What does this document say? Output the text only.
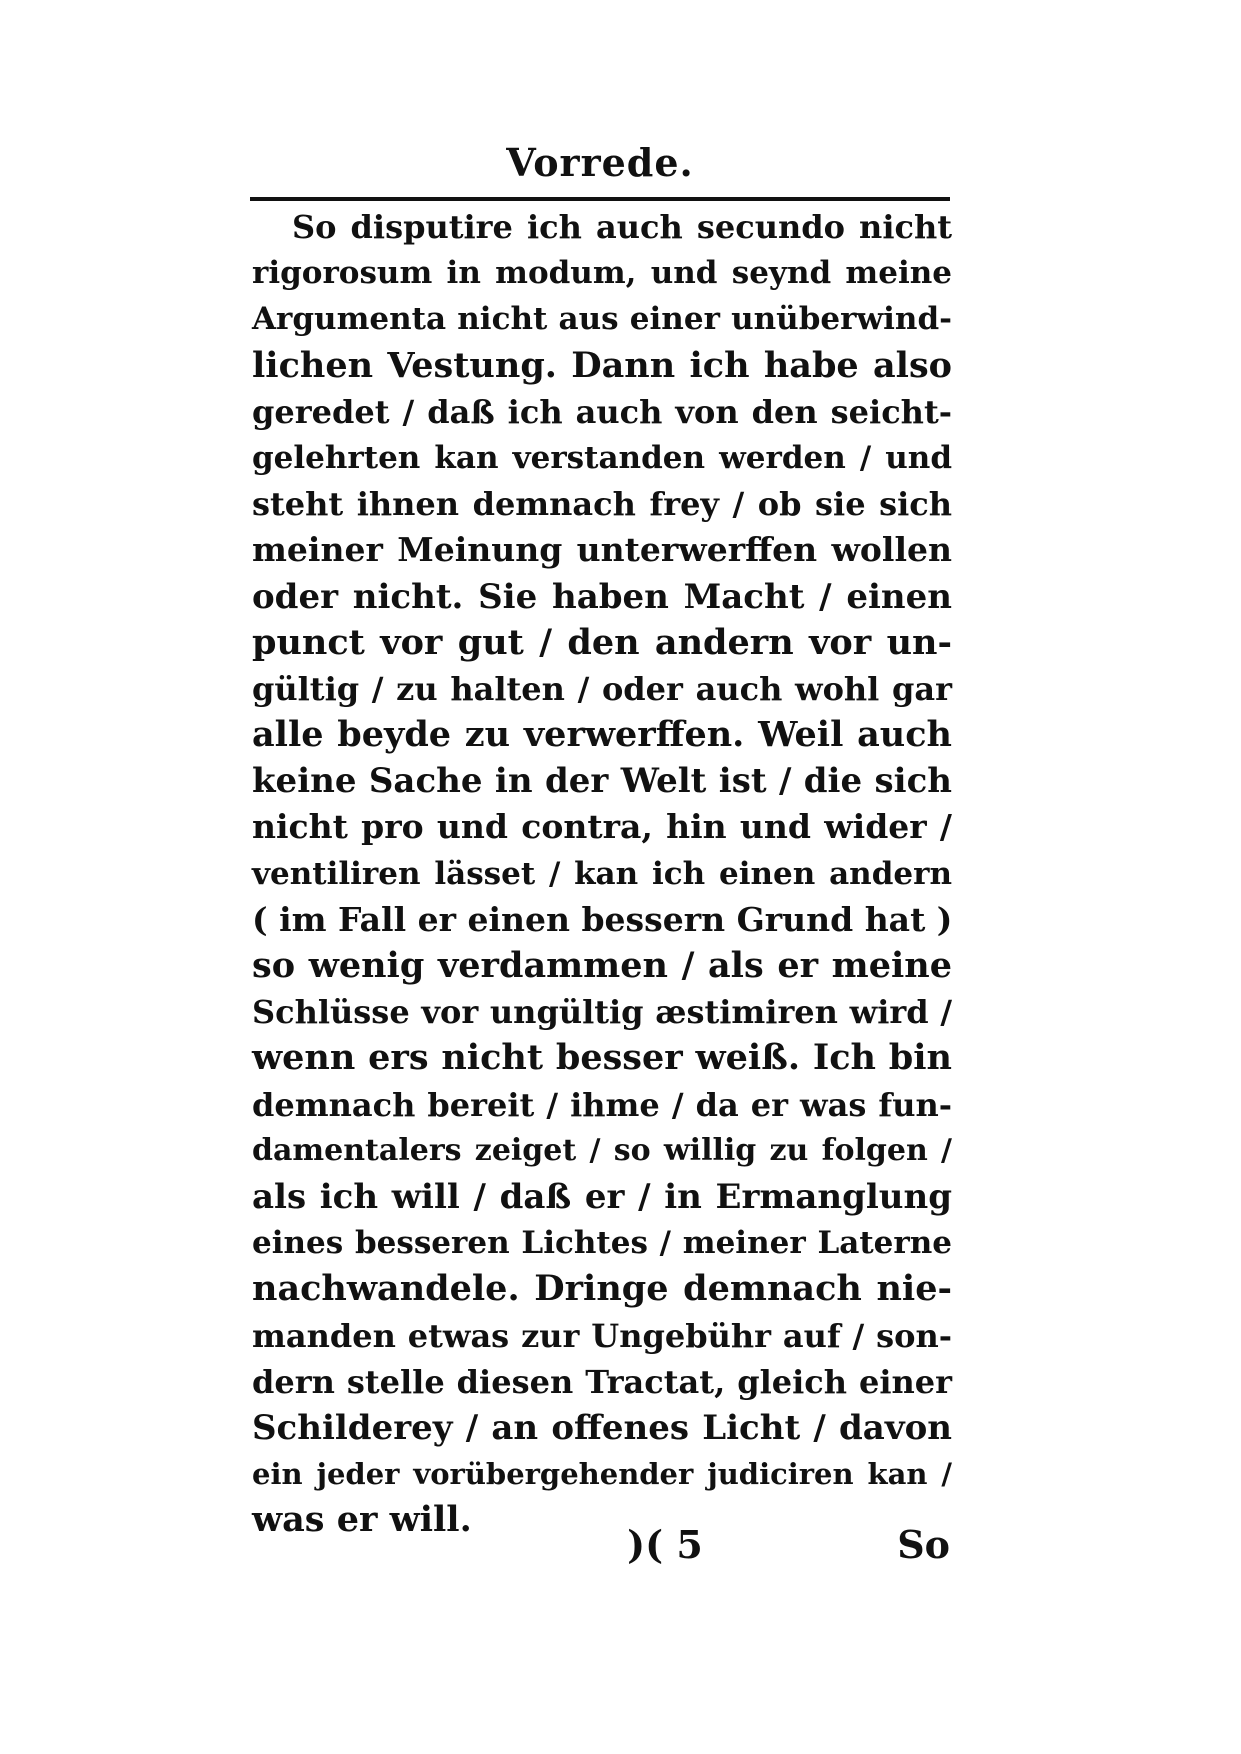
Vorrede.
So disputire ich auch secundo nicht
rigorosum in modum, und seynd meine
Argumenta nicht aus einer unüberwind-
lichen Vestung. Dann ich habe also
geredet / daß ich auch von den seicht-
gelehrten kan verstanden werden / und
steht ihnen demnach frey / ob sie sich
meiner Meinung unterwerffen wollen
oder nicht. Sie haben Macht / einen
punct vor gut / den andern vor un-
gültig / zu halten / oder auch wohl gar
alle beyde zu verwerffen. Weil auch
keine Sache in der Welt ist / die sich
nicht pro und contra, hin und wider /
ventiliren lässet / kan ich einen andern
( im Fall er einen bessern Grund hat )
so wenig verdammen / als er meine
Schlüsse vor ungültig æstimiren wird /
wenn ers nicht besser weiß. Ich bin
demnach bereit / ihme / da er was fun-
damentalers zeiget / so willig zu folgen /
als ich will / daß er / in Ermanglung
eines besseren Lichtes / meiner Laterne
nachwandele. Dringe demnach nie-
manden etwas zur Ungebühr auf / son-
dern stelle diesen Tractat, gleich einer
Schilderey / an offenes Licht / davon
ein jeder vorübergehender judiciren kan /
was er will.
)( 5	So
